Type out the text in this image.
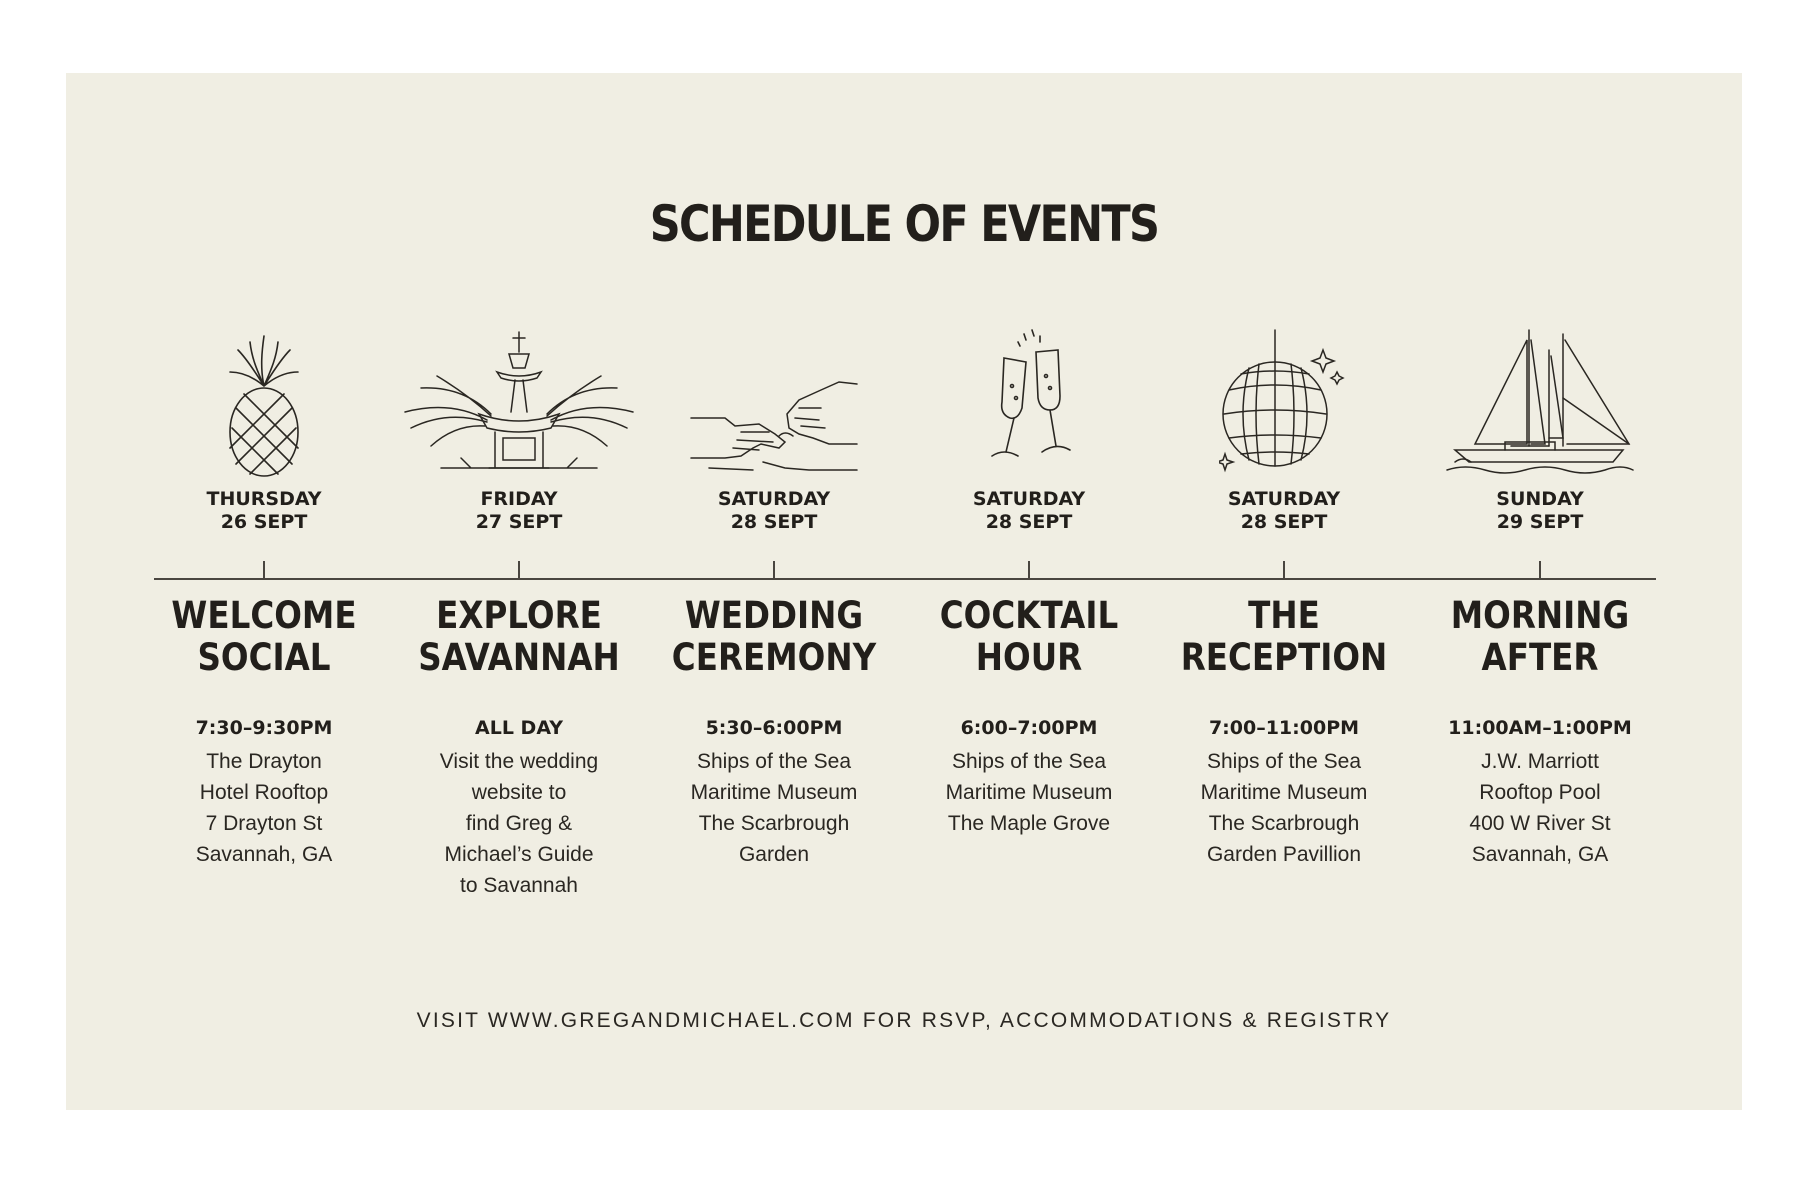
SCHEDULE OF EVENTS
THURSDAY
26 SEPT
WELCOME
SOCIAL
7:30–9:30PM
The Drayton
Hotel Rooftop
7 Drayton St
Savannah, GA
FRIDAY
27 SEPT
EXPLORE
SAVANNAH
ALL DAY
Visit the wedding
website to
find Greg &
Michael’s Guide
to Savannah
SATURDAY
28 SEPT
WEDDING
CEREMONY
5:30–6:00PM
Ships of the Sea
Maritime Museum
The Scarbrough
Garden
SATURDAY
28 SEPT
COCKTAIL
HOUR
6:00–7:00PM
Ships of the Sea
Maritime Museum
The Maple Grove
SATURDAY
28 SEPT
THE
RECEPTION
7:00–11:00PM
Ships of the Sea
Maritime Museum
The Scarbrough
Garden Pavillion
SUNDAY
29 SEPT
MORNING
AFTER
11:00AM–1:00PM
J.W. Marriott
Rooftop Pool
400 W River St
Savannah, GA
VISIT WWW.GREGANDMICHAEL.COM FOR RSVP, ACCOMMODATIONS & REGISTRY
